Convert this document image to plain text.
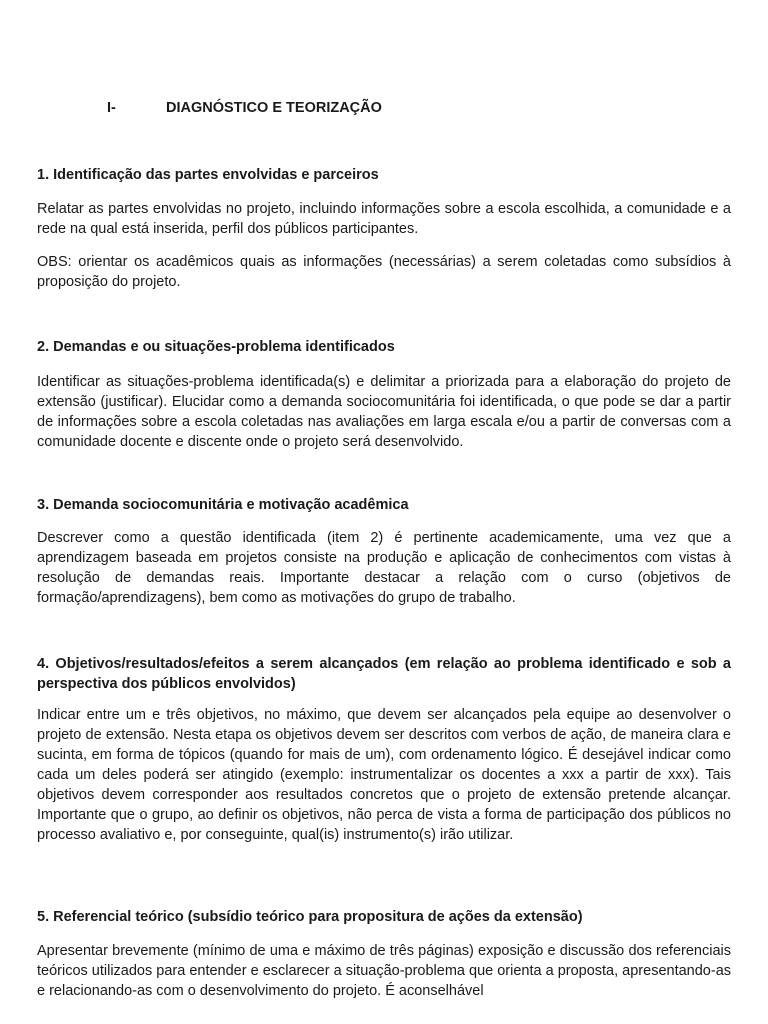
I-	DIAGNÓSTICO E TEORIZAÇÃO

1. Identificação das partes envolvidas e parceiros

Relatar as partes envolvidas no projeto, incluindo informações sobre a escola escolhida, a comunidade e a rede na qual está inserida, perfil dos públicos participantes.

OBS: orientar os acadêmicos quais as informações (necessárias) a serem coletadas como subsídios à proposição do projeto.

2. Demandas e ou situações-problema identificados

Identificar as situações-problema identificada(s) e delimitar a priorizada para a elaboração do projeto de extensão (justificar). Elucidar como a demanda sociocomunitária foi identificada, o que pode se dar a partir de informações sobre a escola coletadas nas avaliações em larga escala e/ou a partir de conversas com a comunidade docente e discente onde o projeto será desenvolvido.

3. Demanda sociocomunitária e motivação acadêmica

Descrever como a questão identificada (item 2) é pertinente academicamente, uma vez que a aprendizagem baseada em projetos consiste na produção e aplicação de conhecimentos com vistas à resolução de demandas reais. Importante destacar a relação com o curso (objetivos de formação/aprendizagens), bem como as motivações do grupo de trabalho.

4. Objetivos/resultados/efeitos a serem alcançados (em relação ao problema identificado e sob a perspectiva dos públicos envolvidos)

Indicar entre um e três objetivos, no máximo, que devem ser alcançados pela equipe ao desenvolver o projeto de extensão. Nesta etapa os objetivos devem ser descritos com verbos de ação, de maneira clara e sucinta, em forma de tópicos (quando for mais de um), com ordenamento lógico. É desejável indicar como cada um deles poderá ser atingido (exemplo: instrumentalizar os docentes a xxx a partir de xxx). Tais objetivos devem corresponder aos resultados concretos que o projeto de extensão pretende alcançar. Importante que o grupo, ao definir os objetivos, não perca de vista a forma de participação dos públicos no processo avaliativo e, por conseguinte, qual(is) instrumento(s) irão utilizar.

5. Referencial teórico (subsídio teórico para propositura de ações da extensão)

Apresentar brevemente (mínimo de uma e máximo de três páginas) exposição e discussão dos referenciais teóricos utilizados para entender e esclarecer a situação-problema que orienta a proposta, apresentando-as e relacionando-as com o desenvolvimento do projeto. É aconselhável
